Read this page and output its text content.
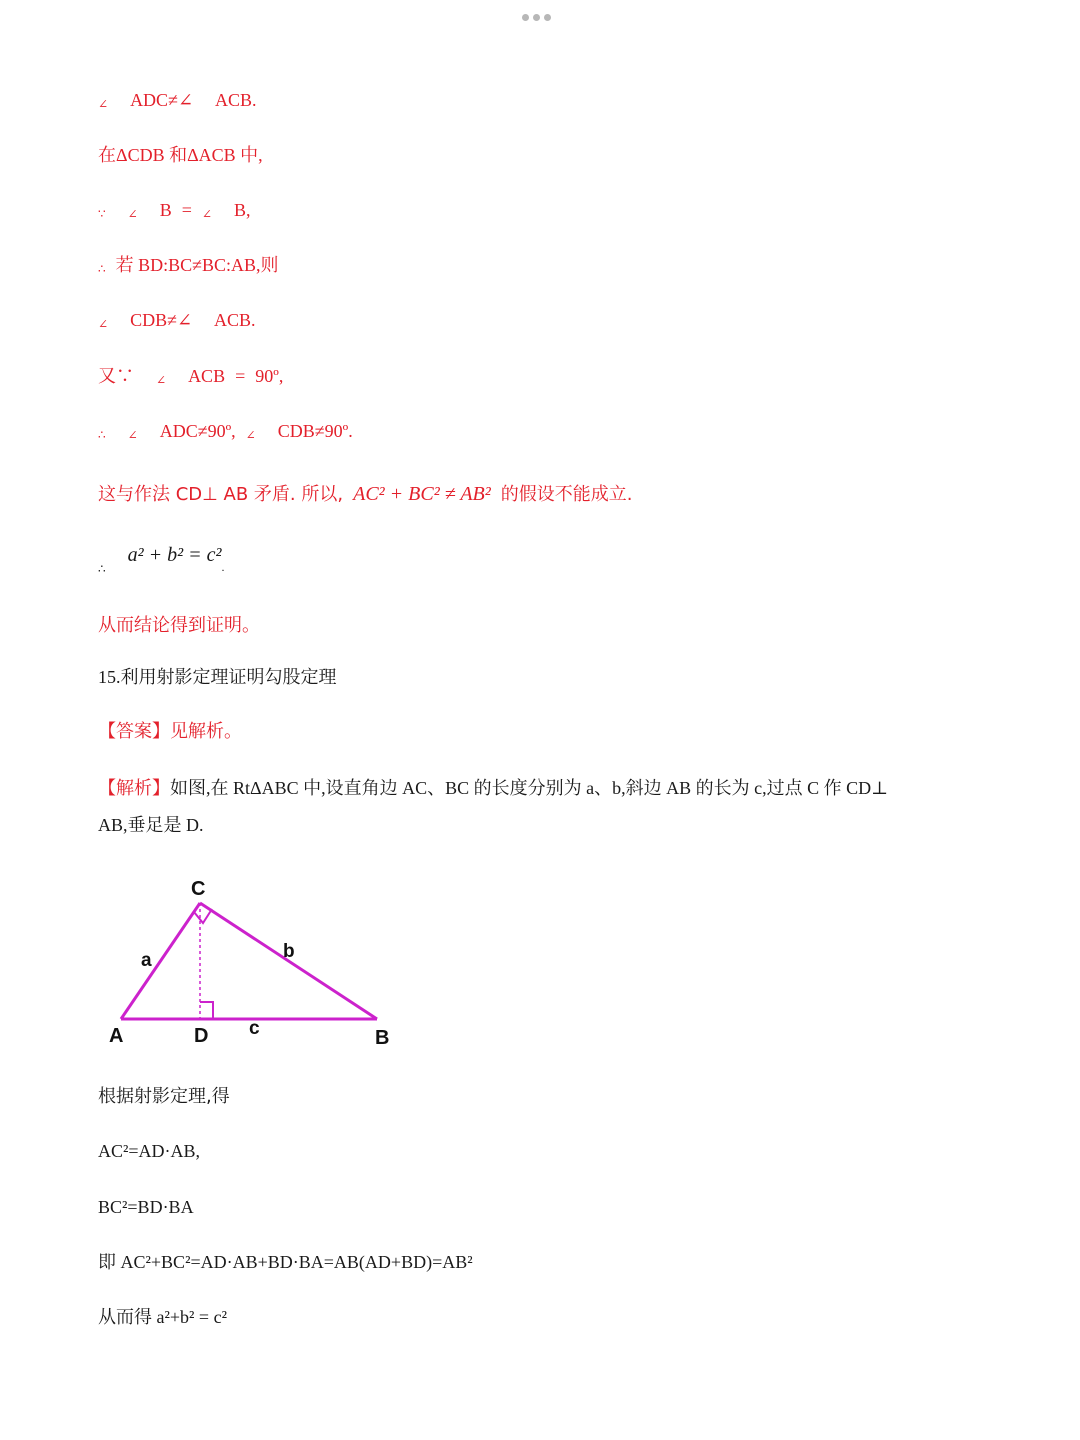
∠ ADC≠∠ ACB.
在ΔCDB 和ΔACB 中,
∵ ∠ B = ∠ B,
∴ 若 BD:BC≠BC:AB,则
∠ CDB≠∠ ACB.
又∵ ∠ ACB = 90º,
∴ ∠ ADC≠90º, ∠ CDB≠90º.
这与作法 CD⊥ AB 矛盾. 所以, AC² + BC² ≠ AB² 的假设不能成立.
$_\therefore a^2 + b^2 = c^2_.$
从而结论得到证明。
15.利用射影定理证明勾股定理
【答案】见解析。
【解析】如图,在 RtΔABC 中,设直角边 AC、BC 的长度分别为 a、b,斜边 AB 的长为 c,过点 C 作 CD⊥
AB,垂足是 D.
C
A	D	B
a	b
c
根据射影定理,得
AC²=AD·AB,
BC²=BD·BA
即 AC²+BC²=AD·AB+BD·BA=AB(AD+BD)=AB²
从而得 a²+b² = c²
